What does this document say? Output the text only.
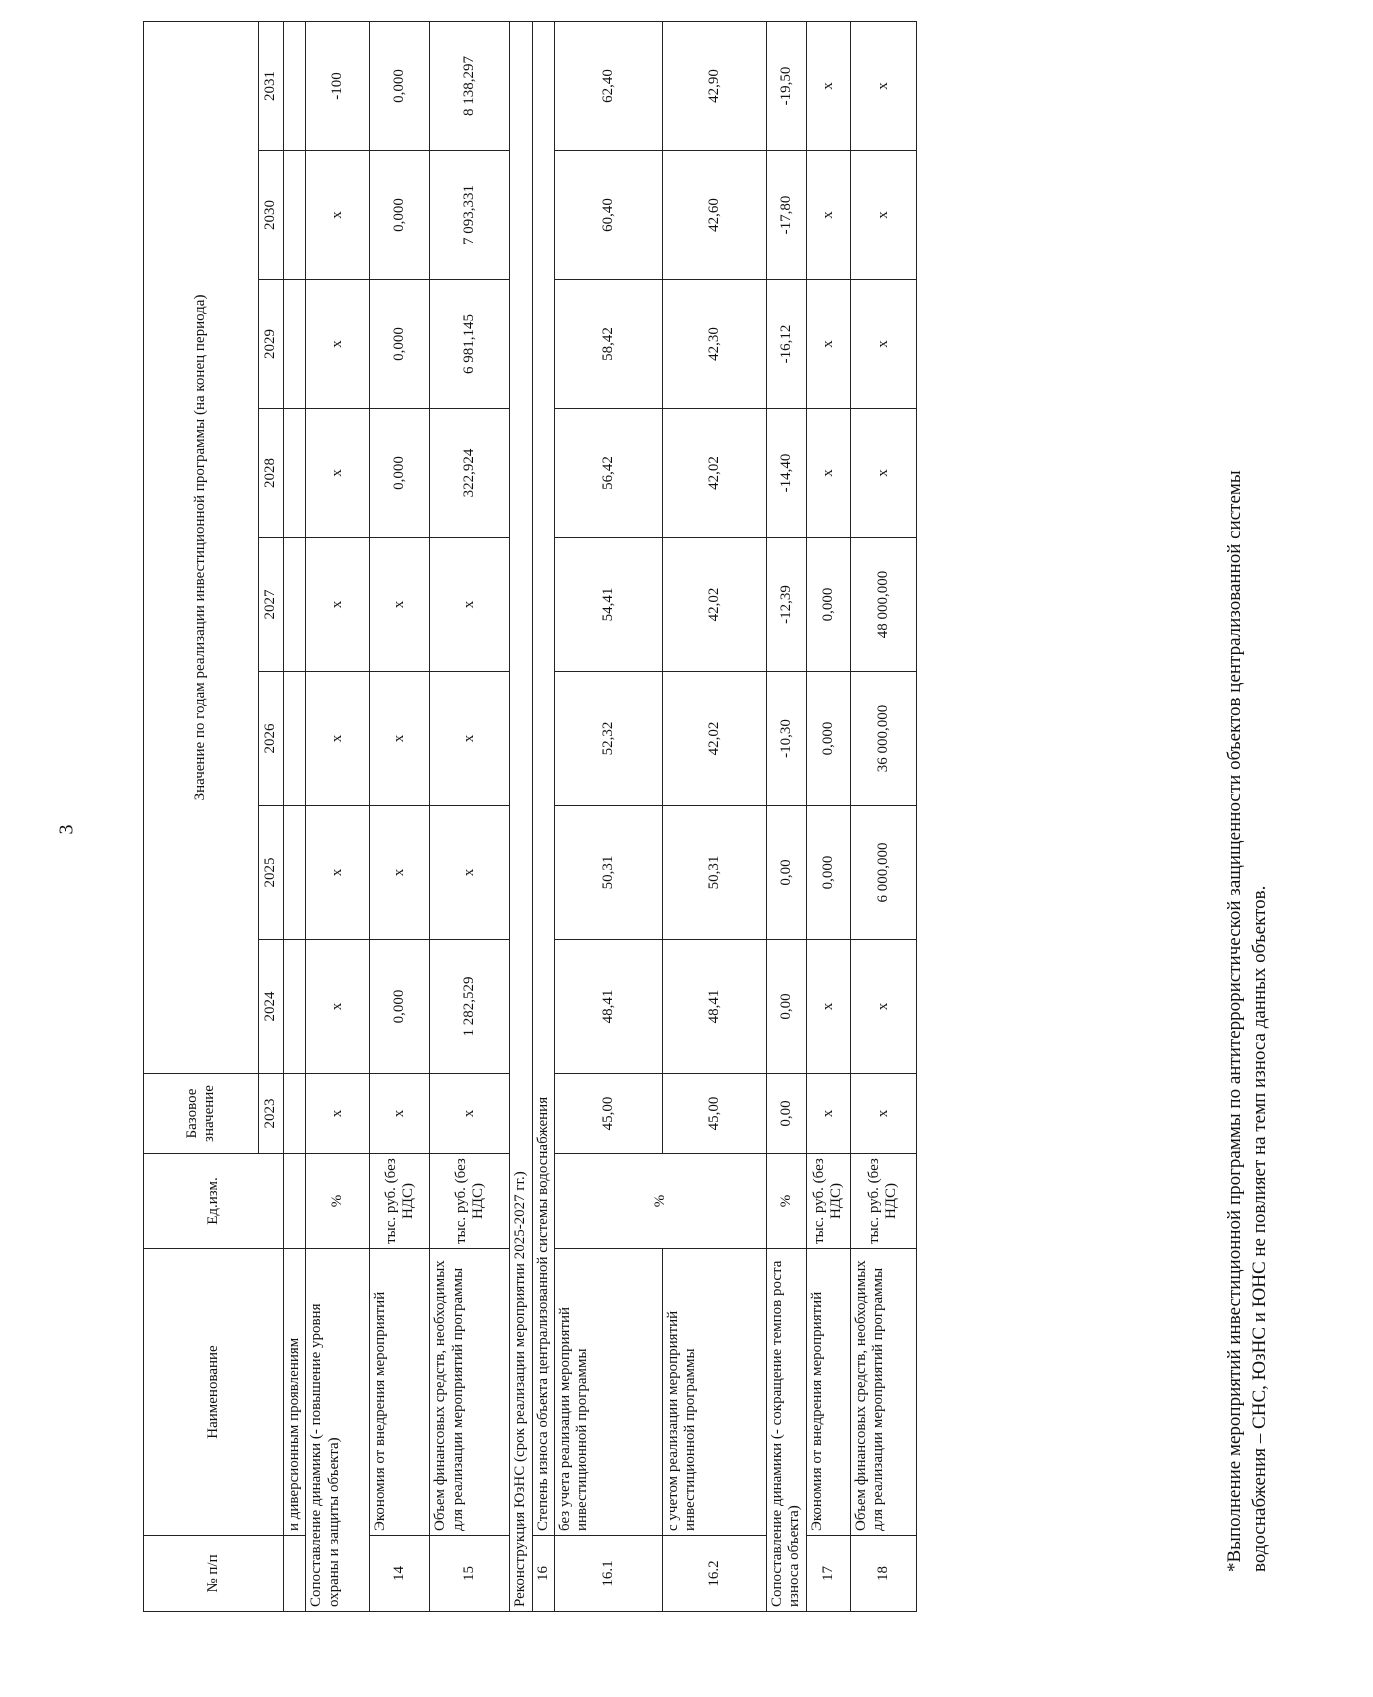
3
№ п/п	Наименование	Ед.изм.	Базовое значение	Значение по годам реализации инвестиционной программы (на конец периода)							
			2023	2024	2025	2026	2027	2028	2029	2030	2031
	и диверсионным проявлениям										
Сопоставление динамики (- повышение уровня охраны и защиты объекта)		%	x	x	x	x	x	x	x	x	-100
14	Экономия от внедрения мероприятий	тыс. руб. (без НДС)	x	0,000	x	x	x	0,000	0,000	0,000	0,000
15	Объем финансовых средств, необходимых для реализации мероприятий программы	тыс. руб. (без НДС)	x	1 282,529	x	x	x	322,924	6 981,145	7 093,331	8 138,297
Реконструкция ЮзНС (срок реализации мероприятии 2025-2027 гг.)											
16	Степень износа объекта централизованной системы водоснабжения										
16.1	без учета реализации мероприятий инвестиционной программы	%	45,00	48,41	50,31	52,32	54,41	56,42	58,42	60,40	62,40
16.2	с учетом реализации мероприятий инвестиционной программы		45,00	48,41	50,31	42,02	42,02	42,02	42,30	42,60	42,90
Сопоставление динамики (- сокращение темпов роста износа объекта)		%	0,00	0,00	0,00	-10,30	-12,39	-14,40	-16,12	-17,80	-19,50
17	Экономия от внедрения мероприятий	тыс. руб. (без НДС)	x	x	0,000	0,000	0,000	x	x	x	x
18	Объем финансовых средств, необходимых для реализации мероприятий программы	тыс. руб. (без НДС)	x	x	6 000,000	36 000,000	48 000,000	x	x	x	x
*Выполнение мероприятий инвестиционной программы по антитеррористической защищенности объектов централизованной системы водоснабжения – СНС, ЮзНС и ЮНС не повлияет на темп износа данных объектов.
